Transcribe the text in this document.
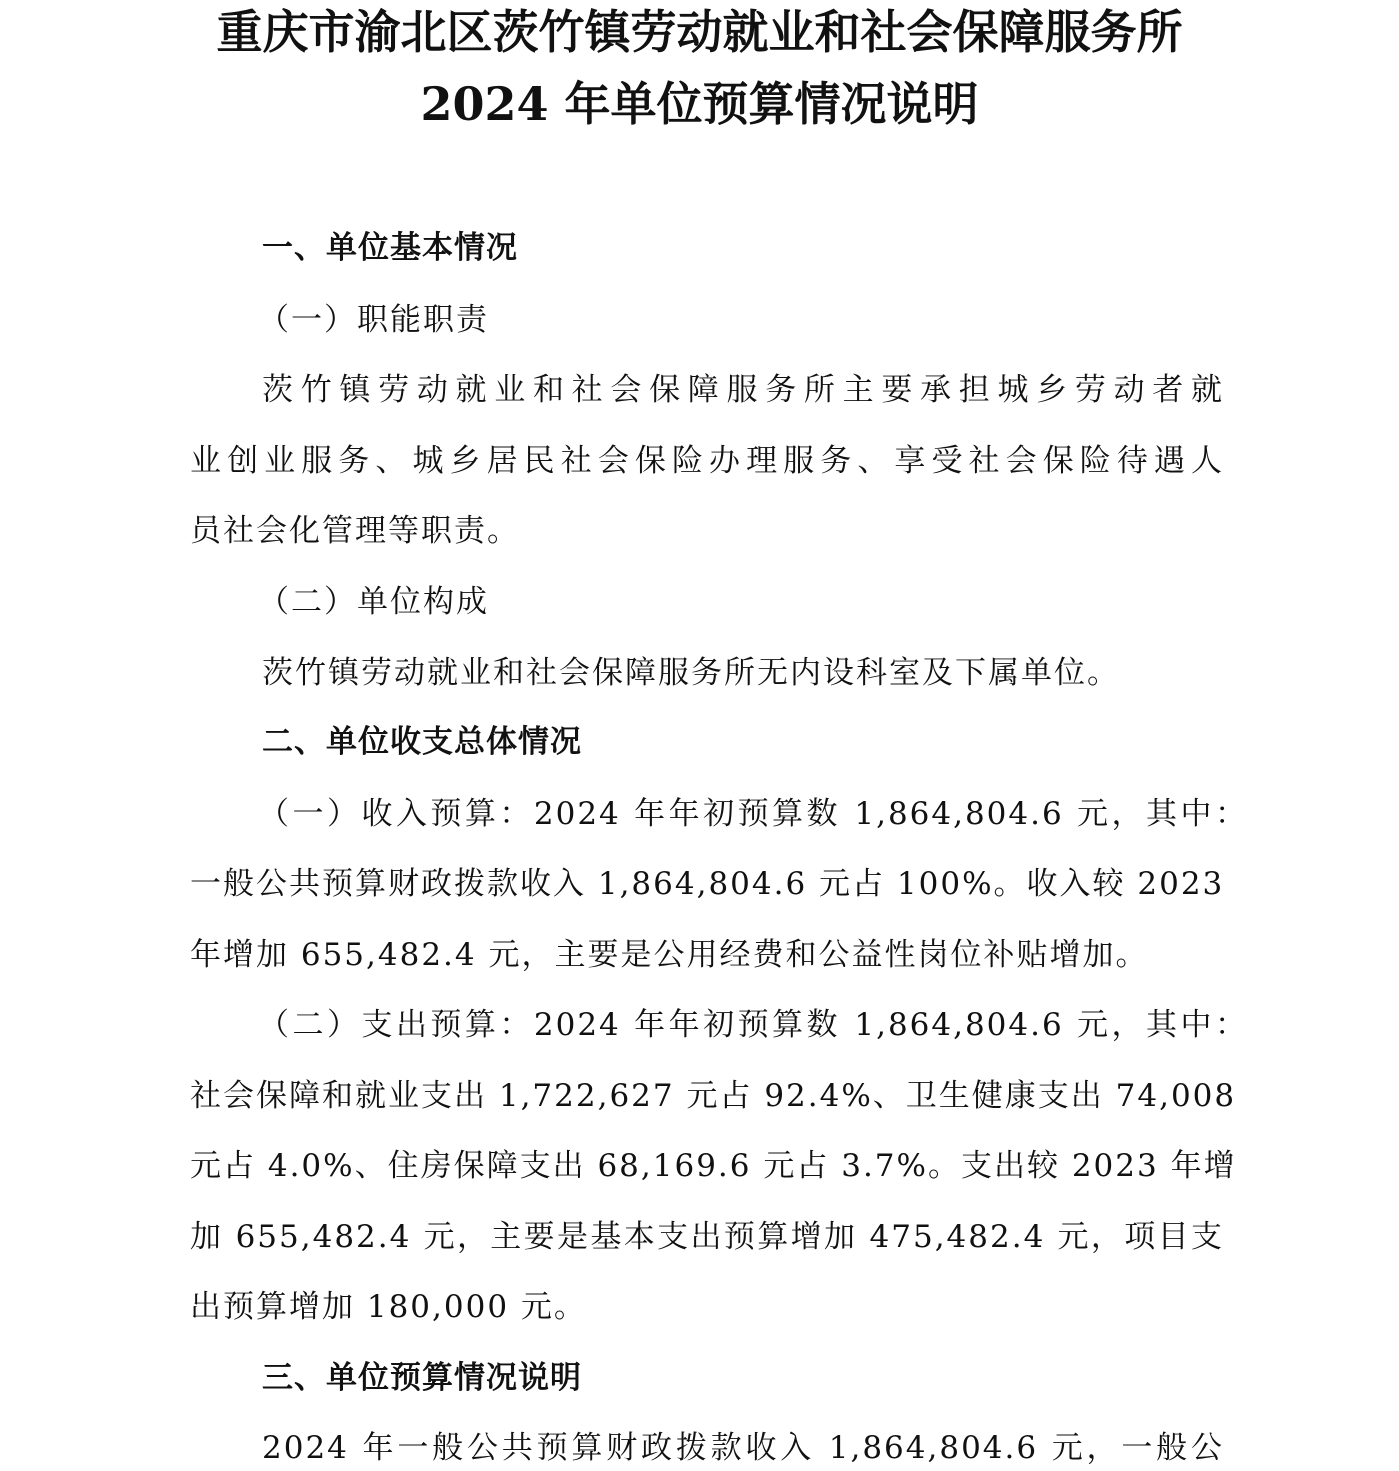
重庆市渝北区茨竹镇劳动就业和社会保障服务所
2024 年单位预算情况说明
一、单位基本情况
（一）职能职责
茨竹镇劳动就业和社会保障服务所主要承担城乡劳动者就
业创业服务、城乡居民社会保险办理服务、享受社会保险待遇人
员社会化管理等职责。
（二）单位构成
茨竹镇劳动就业和社会保障服务所无内设科室及下属单位。
二、单位收支总体情况
（一）收入预算：2024 年年初预算数 1,864,804.6 元，其中：
一般公共预算财政拨款收入 1,864,804.6 元占 100%。收入较 2023
年增加 655,482.4 元，主要是公用经费和公益性岗位补贴增加。
（二）支出预算：2024 年年初预算数 1,864,804.6 元，其中：
社会保障和就业支出 1,722,627 元占 92.4%、卫生健康支出 74,008
元占 4.0%、住房保障支出 68,169.6 元占 3.7%。支出较 2023 年增
加 655,482.4 元，主要是基本支出预算增加 475,482.4 元，项目支
出预算增加 180,000 元。
三、单位预算情况说明
2024 年一般公共预算财政拨款收入 1,864,804.6 元，一般公
